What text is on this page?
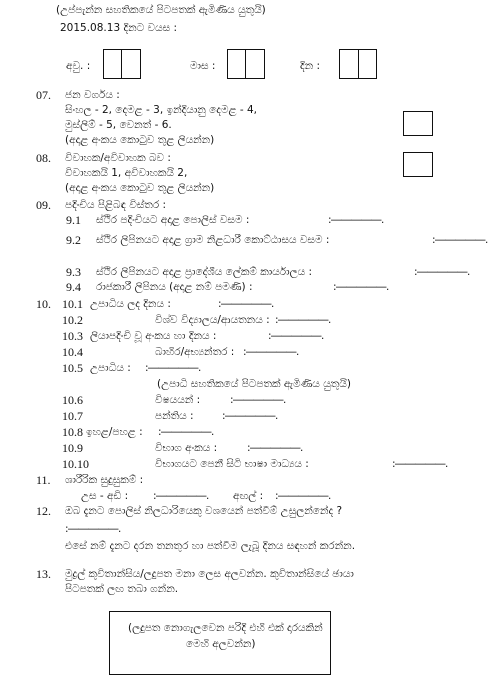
(උප්පැන්න සහතිකයේ පිටපතක් ඇමිණිය යුතුයි)
2015.08.13 දිනට වයස :
අවු. :	මාස :	දින :
07. ජන වර්ගය :
සිංහල - 2, දෙමළ - 3, ඉන්දියානු දෙමළ - 4,
මුස්ලිම් - 5, වෙනත් - 6.
(අදාළ අංකය කොටුව තුළ ලියන්න)
08. විවාහක/අවිවාහක බව :
විවාහකයි 1, අවිවාහකයි 2,
(අදාළ අංකය කොටුව තුළ ලියන්න)
09. පදිංචිය පිළිබඳ විස්තර :
9.1 ස්ථිර පදිංචියට අදාළ පොලිස් වසම :	:―――――.
9.2 ස්ථිර ලිපිනයට අදාළ ග්‍රාම නිළධාරී කොට්ඨාසය වසම :	:―――――.
9.3 ස්ථිර ලිපිනයට අදාළ ප්‍රාදේශීය ලේකම් කාර්යාලය :	:―――――.
9.4 රාජකාරී ලිපිනය (අදාළ නම් පමණි) :	:―――――.
10. 10.1 උපාධිය ලද දිනය :	:―――――.
10.2	විශ්ව විද්‍යාලය/ආයතනය : :―――――.
10.3 ලියාපදිංචි වූ අංකය හා දිනය :	:―――――.
10.4	බාහිර/අභ්‍යන්තර : :―――――.
10.5 උපාධිය : :―――――.
(උපාධි සහතිකයේ පිටපතක් ඇමිණිය යුතුයි)
10.6	විෂයයන් :	:―――――.
10.7	පන්තිය :	:―――――.
10.8 ඉහළ/පහළ : :―――――.
10.9	විභාග අංකය :	:―――――.
10.10	විභාගයට පෙනී සිටි භාෂා මාධ්‍යය :	:―――――.
11. ශාරීරික සුදුසුකම් :
උස - අඩි : :―――――. අඟල් : :―――――.
12. ඔබ දැනට පොලිස් නිලධාරියෙකු වශයෙන් පත්වීම් උසුලන්නේද ?
:―――――.
එසේ නම් දැනට දරන තනතුර හා පත්වීම ලැබූ දිනය සඳහන් කරන්න.
13. මුද්‍රල් කුවිතාන්සිය/ලදුපත මනා ලෙස අලවන්න. කුවිතාන්සියේ ඡායා
පිටපතක් ලඟ තබා ගන්න.
(ලදුපත නොගැලවෙන පරිදි එහි එක් දාරයකින්
මෙහි අලවන්න)
